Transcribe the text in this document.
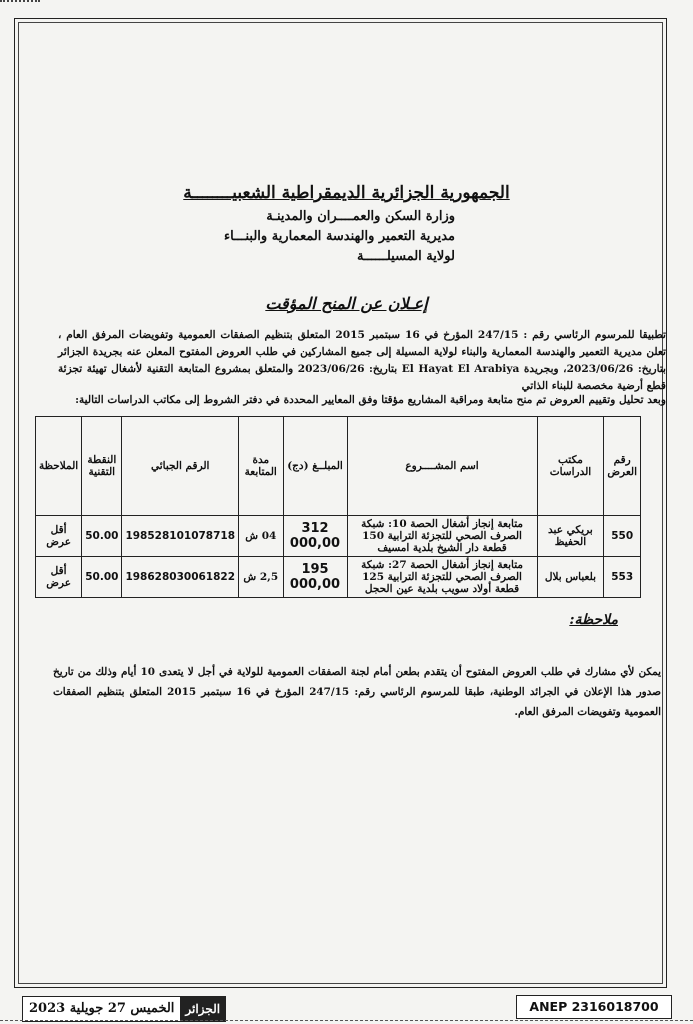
الجمهورية الجزائرية الديمقراطية الشعبيــــــــة
وزارة السكن والعمــــران والمدينـة
مديرية التعمير والهندسة المعمارية والبنـــاء
لولاية المسيلــــــة
إعـلان عن المنح المؤقت
تطبيقا للمرسوم الرئاسي رقم : 247/15 المؤرخ في 16 سبتمبر 2015 المتعلق بتنظيم الصفقات العمومية وتفويضات المرفق العام ، تعلن مديرية التعمير والهندسة المعمارية والبناء لولاية المسيلة إلى جميع المشاركين في طلب العروض المفتوح المعلن عنه بجريدة الجزائر بتاريخ: 2023/06/26، وبجريدة El Hayat El Arabiya بتاريخ: 2023/06/26 والمتعلق بمشروع المتابعة التقنية لأشغال تهيئة تجزئة قطع أرضية مخصصة للبناء الذاتي
وبعد تحليل وتقييم العروض تم منح متابعة ومراقبة المشاريع مؤقتا وفق المعايير المحددة في دفتر الشروط إلى مكاتب الدراسات التالية:
رقم العرض	مكتب الدراسات	اسم المشــــروع	المبلــغ (دج)	مدة المتابعة	الرقم الجبائي	النقطة التقنية	الملاحظة
550	بريكي عبد الحفيظ	متابعة إنجاز أشغال الحصة 10: شبكة الصرف الصحي للتجزئة الترابية 150 قطعة دار الشيخ بلدية امسيف	312 000,00	04 ش	198528101078718	50.00	أقل عرض
553	بلعباس بلال	متابعة إنجاز أشغال الحصة 27: شبكة الصرف الصحي للتجزئة الترابية 125 قطعة أولاد سويب بلدية عين الحجل	195 000,00	2,5 ش	198628030061822	50.00	أقل عرض
ملاحظة:
يمكن لأي مشارك في طلب العروض المفتوح أن يتقدم بطعن أمام لجنة الصفقات العمومية للولاية في أجل لا يتعدى 10 أيام وذلك من تاريخ صدور هذا الإعلان في الجرائد الوطنية، طبقا للمرسوم الرئاسي رقم: 247/15 المؤرخ في 16 سبتمبر 2015 المتعلق بتنظيم الصفقات العمومية وتفويضات المرفق العام.
ANEP 2316018700
الجزائر
الخميس 27 جويلية 2023
